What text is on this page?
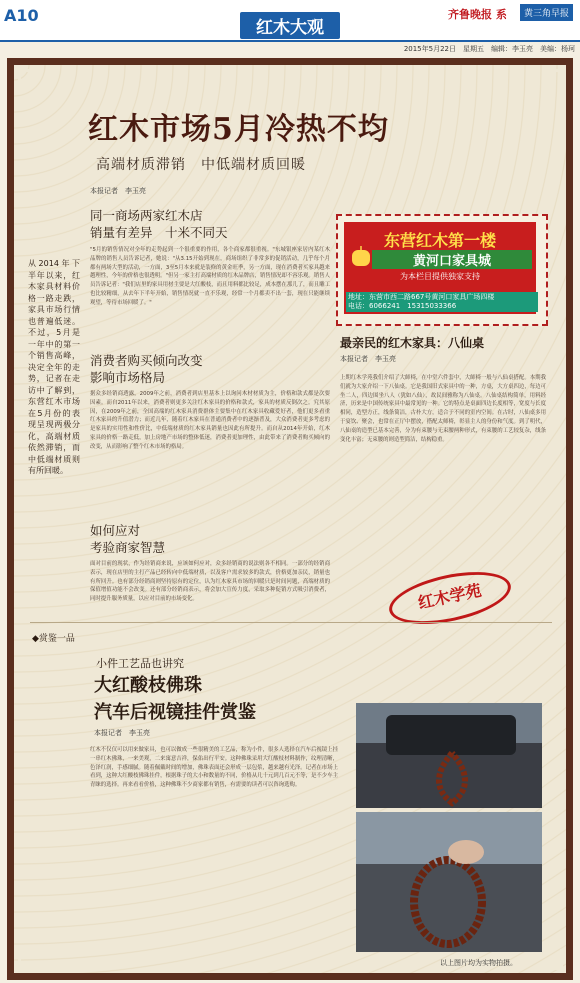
A10
红木大观
齐鲁晚报 系	黄三角早报
2015年5月22日　星期五　编辑：李玉亮　美编：杨珂
红木市场5月冷热不均
高端材质滞销　中低端材质回暖
本报记者　李玉亮
从2014年下半年以来，红木家具材料价格一路走跌，家具市场行情也普遍低迷。不过，5月是一年中的第一个销售高峰，决定全年的走势，记者在走访中了解到，东营红木市场在5月份的表现呈现两极分化，高端材质依然滞销，而中低端材质则有所回暖。
同一商场两家红木店
销量有差异　十米不同天
"5月的销售情况对全年的走势起到一个很重要的作用，各个商家都很重视。"东城银座家居内某红木品牌的销售人员告诉记者，她说："从3.15开始到现在，商场组织了非常多的促销活动，几乎每个月都有两场大型的活动，一方面，3至5月本来就是装修的黄金旺季，另一方面，现在消费者买家具越来越理性，今年的价格也很透明。"但另一家主打高端材质的红木品牌店，销售情况却不容乐观。销售人员告诉记者："我们店里的家具用材主要是大红酸枝，而且用料都比较足，成本摆在那儿了，而且雕工也比较精细，从去年下半年开始，销售情况就一直不乐观，经常一个月都卖不出一套，现在只能继续观望，等待市场回暖了。"
消费者购买倾向改变
影响市场格局
据众多经销商透露，2009年之前，消费者到店里基本上以询问木材材质为主，价格和款式都是次要因素。而自2011年以来，消费者则更多关注红木家具的价格和款式，家具的材质反倒次之。究其原因，在2009年之前，全国高端的红木家具消费群体主要集中在红木家具收藏爱好者，他们更多看重红木家具的升值潜力；而近几年，随着红木家具在普通消费者中的逐渐普及，大众消费者更多考虑的是家具的实用性和性价比，中低端材质的红木家具销量也因此有所提升。而自从2014年开始，红木家具的价格一路走低，加上房地产市场的整体低迷，消费者更加理性，由此带来了消费者购买倾向的改变，从而影响了整个红木市场的格局。
如何应对
考验商家智慧
面对目前的现状，作为经销商来说，应该如何应对，众多经销商的说法则各不相同。一部分的经销商表示，现在店里的主打产品已经转向中低端材质，以及客户需求较多的款式，价格更加亲民，销量也有所回升。也有部分经销商则坚持原有的定位，认为红木家具市场的回暖只是时间问题，高端材质的保值增值功能不会改变。还有部分经销商表示，将会加大宣传力度，采取多种促销方式吸引消费者，同时提升服务质量，以应对目前的市场变化。
东营红木第一楼
黄河口家具城
为本栏目提供独家支持
地址：东营市西二路667号黄河口家具广场四楼
电话：6066241　15315033366
最亲民的红木家具：八仙桌
本报记者　李玉亮
上期红木学苑我们介绍了大師椅，在中堂六件套中，大師椅一般与八仙桌搭配。本期我们就为大家介绍一下八仙桌。它是我国旧式家具中的一种，方桌，大方桌四边，每边可坐二人，四边围坐八人（犹如八仙），故民间雅称为八仙桌。八仙桌结构简单，用料经济，历来是中国传统家具中最常见的一种。它的特点是桌面四边长度相等，宽度与长度相同，造型方正，线条简洁，古朴大方，适合于不同的室内空间。在古时，八仙桌多用于宴饮、聚会，也常在正厅中摆放，搭配太师椅，彰显主人的身份和气度。到了明代，八仙桌的造型已基本完善，分为有束腰与无束腰两种形式，有束腰的工艺较复杂，线条变化丰富；无束腰的则造型简洁，结构稳重。
红木学苑
◆赏鉴一品
小件工艺品也讲究
大红酸枝佛珠
汽车后视镜挂件赏鉴
本报记者　李玉亮
红木不仅仅可以用来做家具，也可以做成一些很精美的工艺品，称为小件，很多人选择在汽车后视镜上挂一串红木佛珠，一来美观，二来寓意吉祥，保佑出行平安。这种佛珠采用大红酸枝材料制作，纹理清晰，色泽红润，手感细腻。随着佩戴时间的增加，佛珠表面还会形成一层包浆，越来越有光泽。记者在市场上看到，这种大红酸枝佛珠挂件，根据珠子的大小和数量的不同，价格从几十元到几百元不等，是不少车主青睐的选择。再来看看价格，这种佛珠不少商家都有销售，有需要的读者可以咨询选购。
以上图片均为实物拍摄。
